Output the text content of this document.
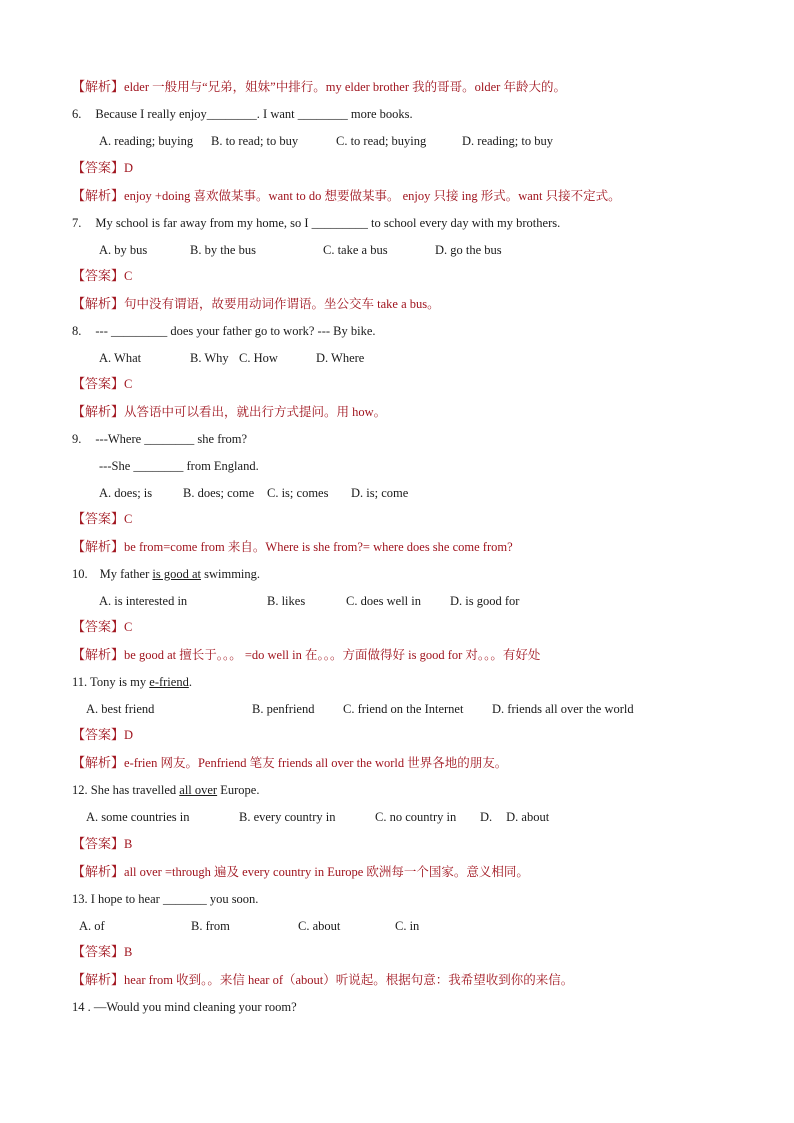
【解析】elder 一般用与“兄弟，姐妹”中排行。my elder brother 我的哥哥。older 年龄大的。
6. Because I really enjoy________. I want ________ more books.
A. reading; buying B. to read; to buy	C. to read; buying	D. reading; to buy
【答案】D
【解析】enjoy +doing 喜欢做某事。want to do 想要做某事。 enjoy 只接 ing 形式。want 只接不定式。
7. My school is far away from my home, so I _________ to school every day with my brothers.
A. by bus	B. by the bus	C. take a bus	D. go the bus
【答案】C
【解析】句中没有谓语，故要用动词作谓语。坐公交车 take a bus。
8. --- _________ does your father go to work? --- By bike.
A. What	B. Why C. How	D. Where
【答案】C
【解析】从答语中可以看出，就出行方式提问。用 how。
9. ---Where ________ she from?
---She ________ from England.
A. does; is B. does; come C. is; comes D. is; come
【答案】C
【解析】be from=come from 来自。Where is she from?= where does she come from?
10. My father is good at swimming.
A. is interested in	B. likes	C. does well in D. is good for
【答案】C
【解析】be good at 擅长于。。。 =do well in 在。。。方面做得好 is good for 对。。。有好处
11. Tony is my e-friend.
A. best friend	B. penfriend C. friend on the Internet D. friends all over the world
【答案】D
【解析】e-frien 网友。Penfriend 笔友 friends all over the world 世界各地的朋友。
12. She has travelled all over Europe.
A. some countries in	B. every country in	C. no country in D. D. about
【答案】B
【解析】all over =through 遍及 every country in Europe 欧洲每一个国家。意义相同。
13. I hope to hear _______ you soon.
A. of	B. from	C. about	C. in
【答案】B
【解析】hear from 收到。。来信 hear of（about）听说起。根据句意：我希望收到你的来信。
14 . —Would you mind cleaning your room?
